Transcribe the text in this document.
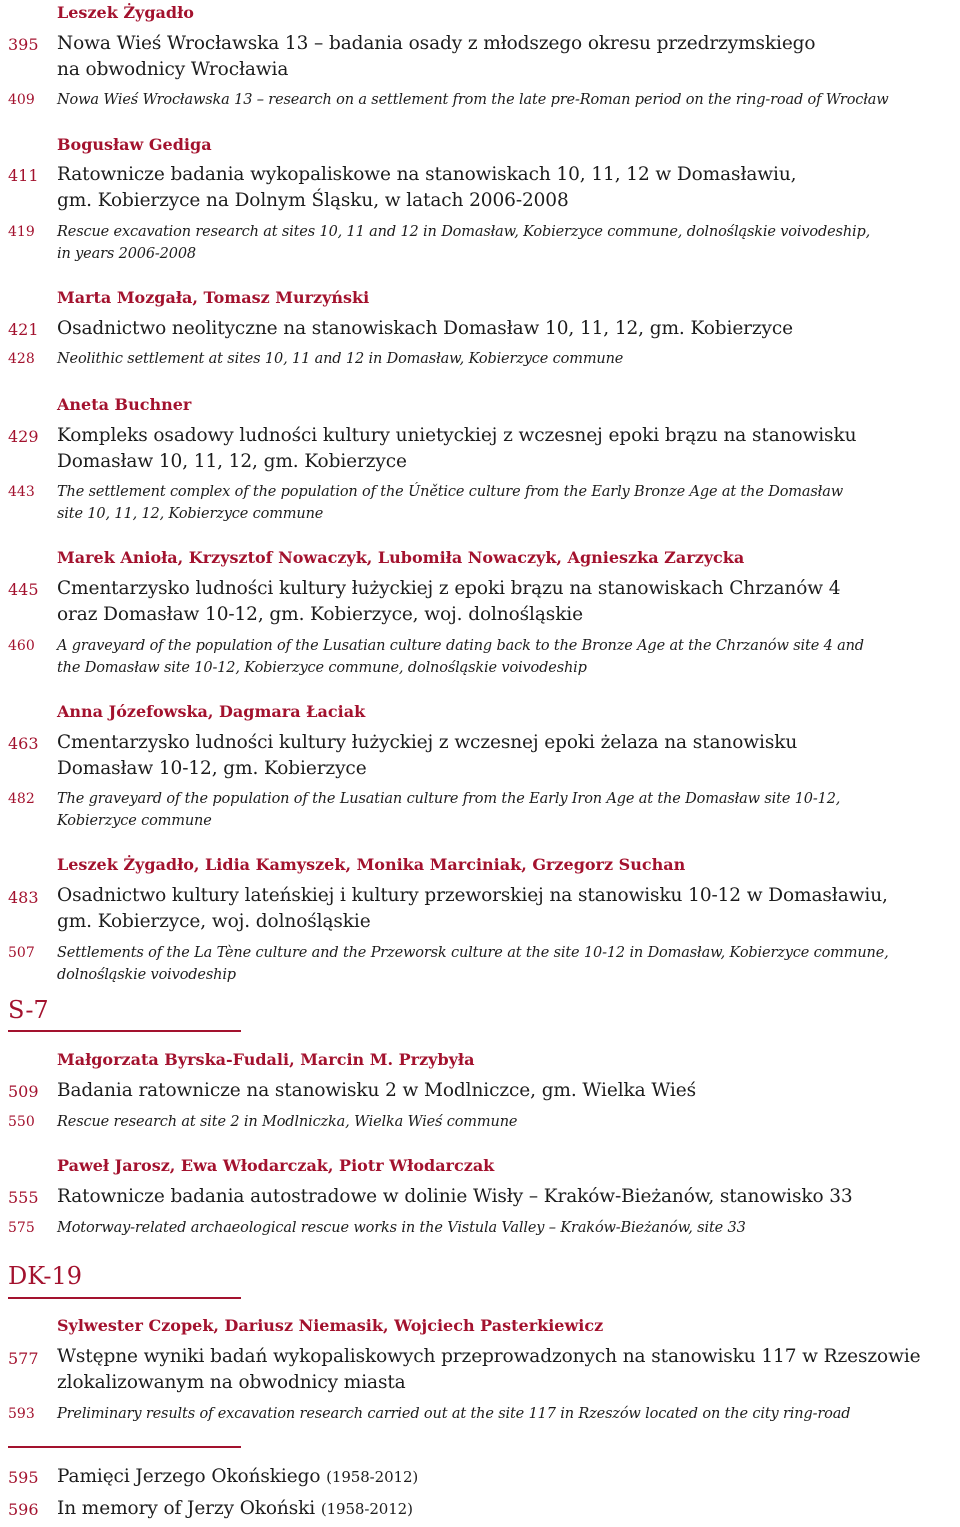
Leszek Żygadło
395 Nowa Wieś Wrocławska 13 – badania osady z młodszego okresu przedrzymskiego
na obwodnicy Wrocławia
409 Nowa Wieś Wrocławska 13 – research on a settlement from the late pre-Roman period on the ring-road of Wrocław
Bogusław Gediga
411 Ratownicze badania wykopaliskowe na stanowiskach 10, 11, 12 w Domasławiu,
gm. Kobierzyce na Dolnym Śląsku, w latach 2006-2008
419 Rescue excavation research at sites 10, 11 and 12 in Domasław, Kobierzyce commune, dolnośląskie voivodeship,
in years 2006-2008
Marta Mozgała, Tomasz Murzyński
421 Osadnictwo neolityczne na stanowiskach Domasław 10, 11, 12, gm. Kobierzyce
428 Neolithic settlement at sites 10, 11 and 12 in Domasław, Kobierzyce commune
Aneta Buchner
429 Kompleks osadowy ludności kultury unietyckiej z wczesnej epoki brązu na stanowisku
Domasław 10, 11, 12, gm. Kobierzyce
443 The settlement complex of the population of the Únětice culture from the Early Bronze Age at the Domasław
site 10, 11, 12, Kobierzyce commune
Marek Anioła, Krzysztof Nowaczyk, Lubomiła Nowaczyk, Agnieszka Zarzycka
445 Cmentarzysko ludności kultury łużyckiej z epoki brązu na stanowiskach Chrzanów 4
oraz Domasław 10-12, gm. Kobierzyce, woj. dolnośląskie
460 A graveyard of the population of the Lusatian culture dating back to the Bronze Age at the Chrzanów site 4 and
the Domasław site 10-12, Kobierzyce commune, dolnośląskie voivodeship
Anna Józefowska, Dagmara Łaciak
463 Cmentarzysko ludności kultury łużyckiej z wczesnej epoki żelaza na stanowisku
Domasław 10-12, gm. Kobierzyce
482 The graveyard of the population of the Lusatian culture from the Early Iron Age at the Domasław site 10-12,
Kobierzyce commune
Leszek Żygadło, Lidia Kamyszek, Monika Marciniak, Grzegorz Suchan
483 Osadnictwo kultury lateńskiej i kultury przeworskiej na stanowisku 10-12 w Domasławiu,
gm. Kobierzyce, woj. dolnośląskie
507 Settlements of the La Tène culture and the Przeworsk culture at the site 10-12 in Domasław, Kobierzyce commune,
dolnośląskie voivodeship
S-7
Małgorzata Byrska-Fudali, Marcin M. Przybyła
509 Badania ratownicze na stanowisku 2 w Modlniczce, gm. Wielka Wieś
550 Rescue research at site 2 in Modlniczka, Wielka Wieś commune
Paweł Jarosz, Ewa Włodarczak, Piotr Włodarczak
555 Ratownicze badania autostradowe w dolinie Wisły – Kraków-Bieżanów, stanowisko 33
575 Motorway-related archaeological rescue works in the Vistula Valley – Kraków-Bieżanów, site 33
DK-19
Sylwester Czopek, Dariusz Niemasik, Wojciech Pasterkiewicz
577 Wstępne wyniki badań wykopaliskowych przeprowadzonych na stanowisku 117 w Rzeszowie
zlokalizowanym na obwodnicy miasta
593 Preliminary results of excavation research carried out at the site 117 in Rzeszów located on the city ring-road
595 Pamięci Jerzego Okońskiego (1958-2012)
596 In memory of Jerzy Okoński (1958-2012)
